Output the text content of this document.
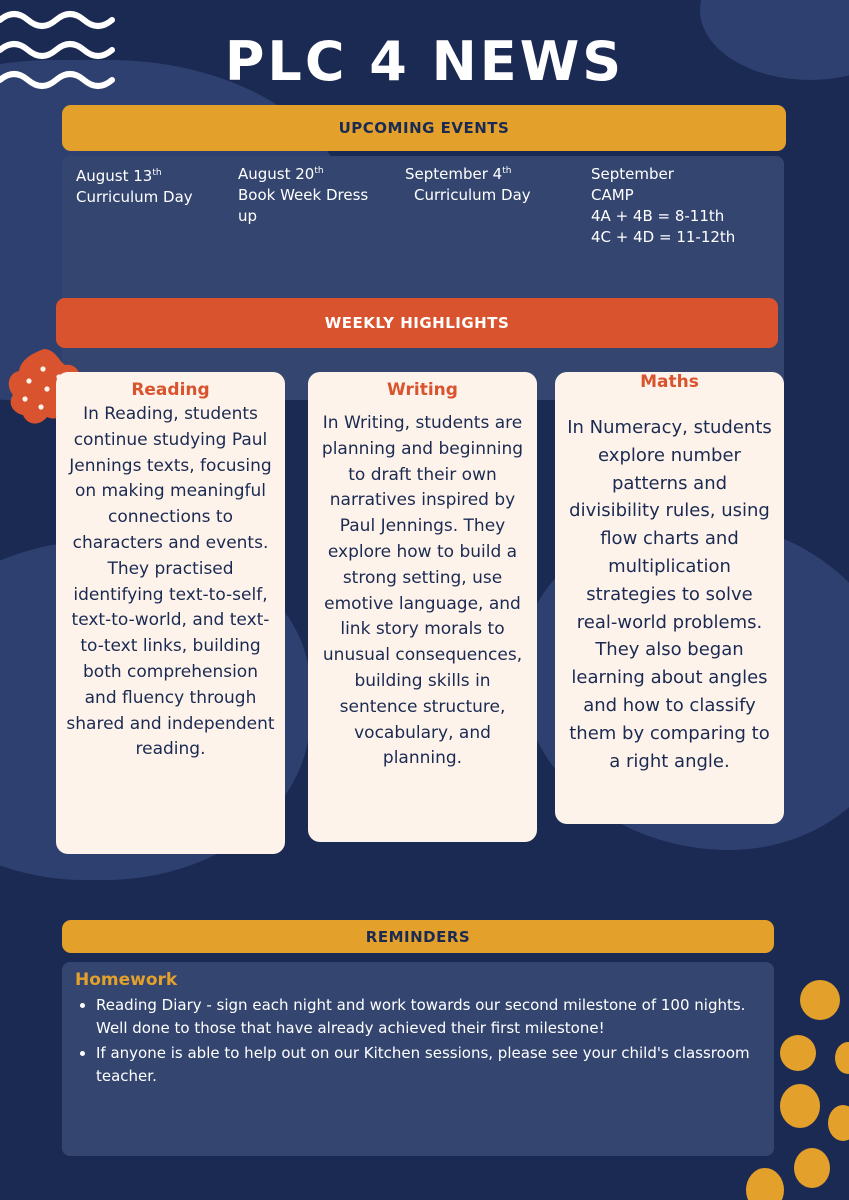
PLC 4 NEWS
UPCOMING EVENTS
August 13th
Curriculum Day
August 20th
Book Week Dress up
September 4th
Curriculum Day
September
CAMP
4A + 4B = 8-11th
4C + 4D = 11-12th
WEEKLY HIGHLIGHTS
Reading
In Reading, students continue studying Paul Jennings texts, focusing on making meaningful connections to characters and events. They practised identifying text-to-self, text-to-world, and text-to-text links, building both comprehension and fluency through shared and independent reading.
Writing
In Writing, students are planning and beginning to draft their own narratives inspired by Paul Jennings. They explore how to build a strong setting, use emotive language, and link story morals to unusual consequences, building skills in sentence structure, vocabulary, and planning.
Maths
In Numeracy, students explore number patterns and divisibility rules, using flow charts and multiplication strategies to solve real-world problems. They also began learning about angles and how to classify them by comparing to a right angle.
REMINDERS
Homework
Reading Diary - sign each night and work towards our second milestone of 100 nights. Well done to those that have already achieved their first milestone!
If anyone is able to help out on our Kitchen sessions, please see your child's classroom teacher.
